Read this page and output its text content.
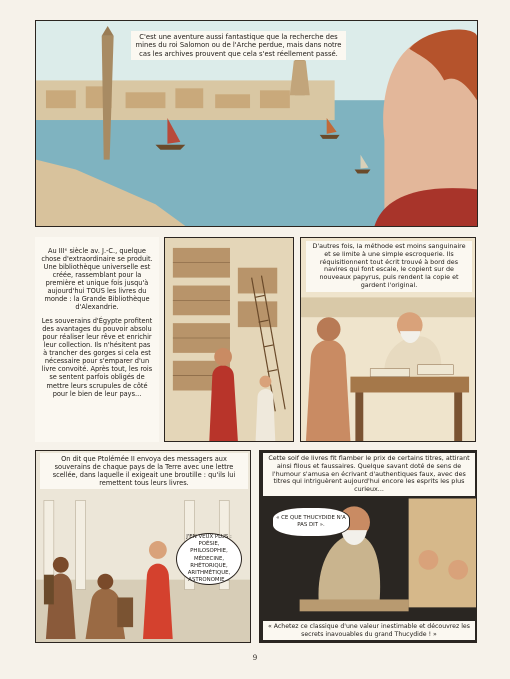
C'est une aventure aussi fantastique que la recherche des mines du roi Salomon ou de l'Arche perdue, mais dans notre cas les archives prouvent que cela s'est réellement passé.

Au IIIᵉ siècle av. J.-C., quelque chose d'extraordinaire se produit. Une bibliothèque universelle est créée, rassemblant pour la première et unique fois jusqu'à aujourd'hui TOUS les livres du monde : la Grande Bibliothèque d'Alexandrie.

Les souverains d'Égypte profitent des avantages du pouvoir absolu pour réaliser leur rêve et enrichir leur collection. Ils n'hésitent pas à trancher des gorges si cela est nécessaire pour s'emparer d'un livre convoité. Après tout, les rois se sentent parfois obligés de mettre leurs scrupules de côté pour le bien de leur pays...

D'autres fois, la méthode est moins sanguinaire et se limite à une simple escroquerie. Ils réquisitionnent tout écrit trouvé à bord des navires qui font escale, le copient sur de nouveaux papyrus, puis rendent la copie et gardent l'original.
On dit que Ptolémée II envoya des messagers aux souverains de chaque pays de la Terre avec une lettre scellée, dans laquelle il exigeait une broutille : qu'ils lui remettent tous leurs livres.
J'EN VEUX PLUS : POÉSIE, PHILOSOPHIE, MÉDECINE, RHÉTORIQUE, ARITHMÉTIQUE, ASTRONOMIE...
Cette soif de livres fit flamber le prix de certains titres, attirant ainsi filous et faussaires. Quelque savant doté de sens de l'humour s'amusa en écrivant d'authentiques faux, avec des titres qui intriguèrent aujourd'hui encore les esprits les plus curieux...
« CE QUE THUCYDIDE N'A PAS DIT ».
« Achetez ce classique d'une valeur inestimable et découvrez les secrets inavouables du grand Thucydide ! »
9
